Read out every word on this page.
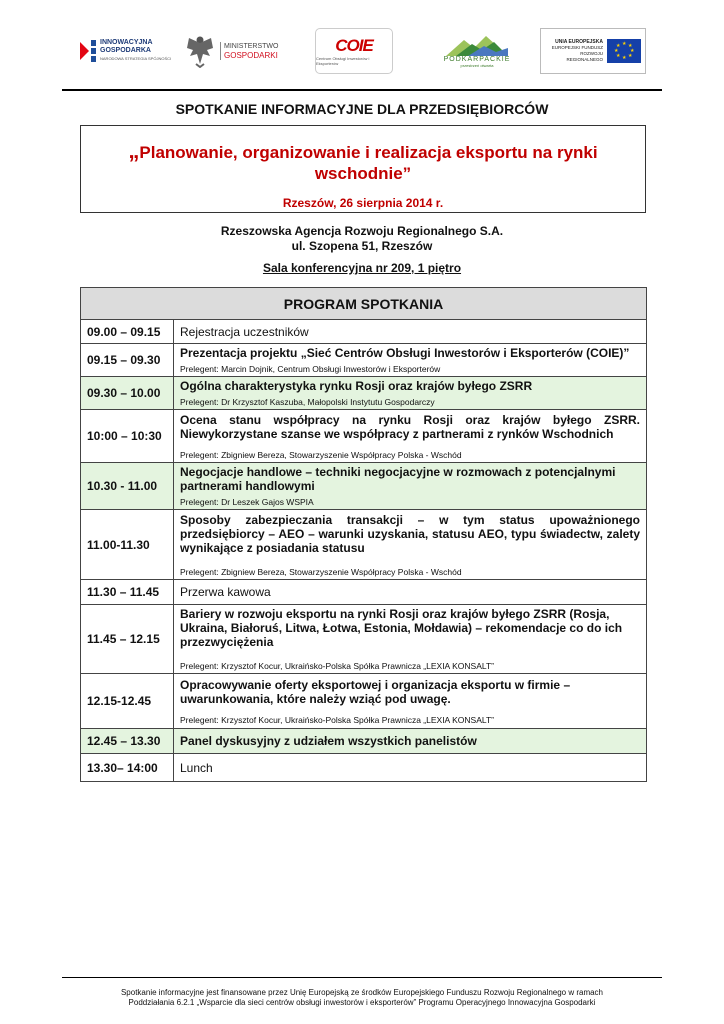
INNOWACYJNA
GOSPODARKA
NARODOWA STRATEGIA SPÓJNOŚCI
MINISTERSTWO
GOSPODARKI
COIE
Centrum Obsługi Inwestorów i Eksporterów
PODKARPACKIE
przestrzeń otwarta
UNIA EUROPEJSKA
EUROPEJSKI FUNDUSZ
ROZWOJU REGIONALNEGO
★ ★
★
★
★
★
★
★
SPOTKANIE INFORMACYJNE DLA PRZEDSIĘBIORCÓW
„Planowanie, organizowanie i realizacja eksportu na rynki wschodnie”
Rzeszów, 26 sierpnia 2014 r.
Rzeszowska Agencja Rozwoju Regionalnego S.A.
ul. Szopena 51, Rzeszów
Sala konferencyjna nr 209, 1 piętro
PROGRAM SPOTKANIA	
09.00 – 09.15	Rejestracja uczestników

09.15 – 09.30	Prezentacja projektu „Sieć Centrów Obsługi Inwestorów i Eksporterów (COIE)”
Prelegent: Marcin Dojnik, Centrum Obsługi Inwestorów i Eksporterów

09.30 – 10.00	Ogólna charakterystyka rynku Rosji oraz krajów byłego ZSRR
Prelegent: Dr Krzysztof Kaszuba, Małopolski Instytutu Gospodarczy

10:00 – 10:30	Ocena stanu współpracy na rynku Rosji oraz krajów byłego ZSRR. Niewykorzystane szanse we współpracy z partnerami z rynków Wschodnich
Prelegent: Zbigniew Bereza, Stowarzyszenie Współpracy Polska - Wschód

10.30 - 11.00	Negocjacje handlowe – techniki negocjacyjne w rozmowach z potencjalnymi partnerami handlowymi
Prelegent: Dr Leszek Gajos WSPIA

11.00-11.30	Sposoby zabezpieczania transakcji – w tym status upoważnionego przedsiębiorcy – AEO – warunki uzyskania, statusu AEO, typu świadectw, zalety wynikające z posiadania statusu
Prelegent: Zbigniew Bereza, Stowarzyszenie Współpracy Polska - Wschód

11.30 – 11.45	Przerwa kawowa

11.45 – 12.15	Bariery w rozwoju eksportu na rynki Rosji oraz krajów byłego ZSRR (Rosja, Ukraina, Białoruś, Litwa, Łotwa, Estonia, Mołdawia) – rekomendacje co do ich przezwyciężenia
Prelegent: Krzysztof Kocur, Ukraińsko-Polska Spółka Prawnicza „LEXIA KONSALT”

12.15-12.45	Opracowywanie oferty eksportowej i organizacja eksportu w firmie – uwarunkowania, które należy wziąć pod uwagę.
Prelegent: Krzysztof Kocur, Ukraińsko-Polska Spółka Prawnicza „LEXIA KONSALT”

12.45 – 13.30	Panel dyskusyjny z udziałem wszystkich panelistów

13.30– 14:00	Lunch
Spotkanie informacyjne jest finansowane przez Unię Europejską ze środków Europejskiego Funduszu Rozwoju Regionalnego w ramach
Poddziałania 6.2.1 „Wsparcie dla sieci centrów obsługi inwestorów i eksporterów” Programu Operacyjnego Innowacyjna Gospodarki
